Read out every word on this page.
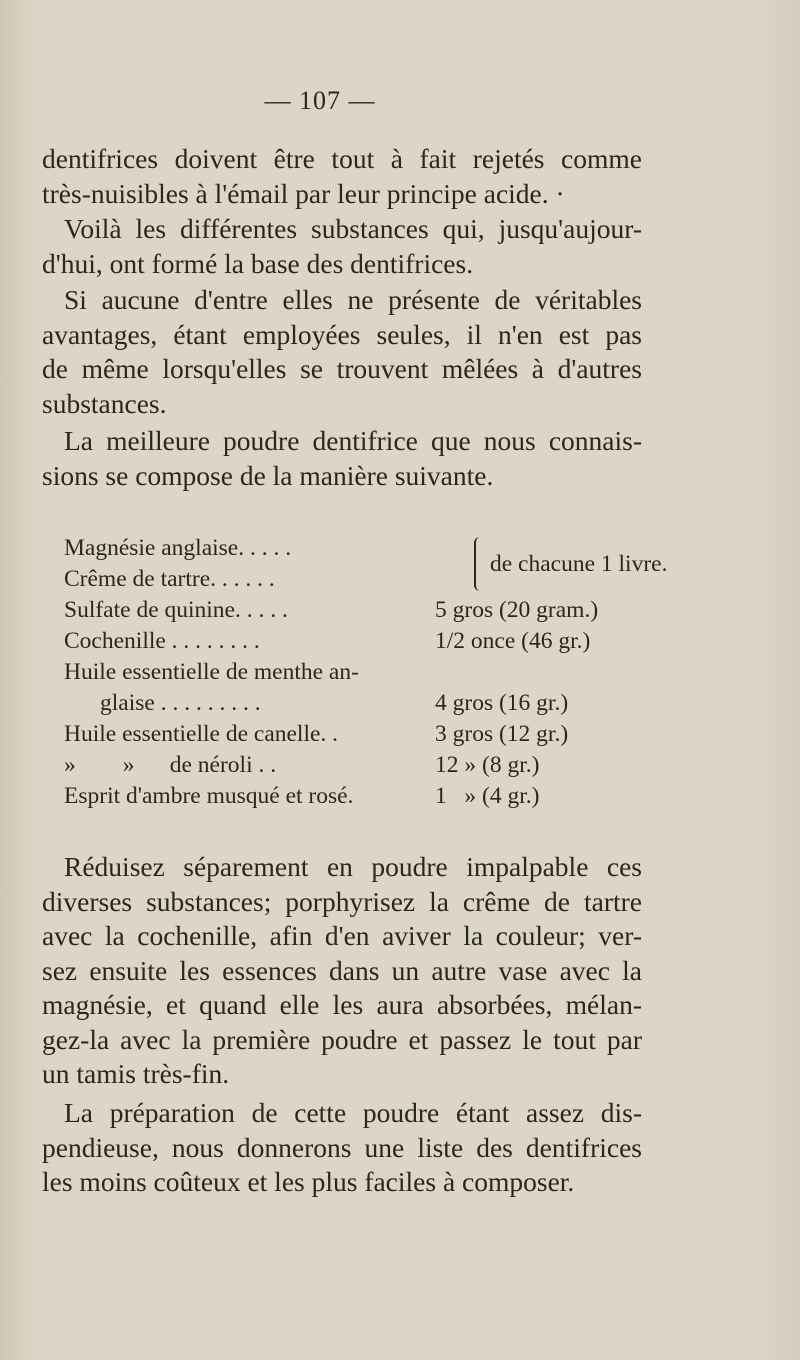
— 107 —
dentifrices doivent être tout à fait rejetés comme
très-nuisibles à l'émail par leur principe acide. ·
Voilà les différentes substances qui, jusqu'aujour-
d'hui, ont formé la base des dentifrices.
Si aucune d'entre elles ne présente de véritables
avantages, étant employées seules, il n'en est pas
de même lorsqu'elles se trouvent mêlées à d'autres
substances.
La meilleure poudre dentifrice que nous connais-
sions se compose de la manière suivante.
Magnésie anglaise. . . . .
Crême de tartre. . . . . .
de chacune 1 livre.
Sulfate de quinine. . . . .	5 gros (20 gram.)
Cochenille . . . . . . . .	1/2 once (46 gr.)
Huile essentielle de menthe an-
glaise . . . . . . . . .	4 gros (16 gr.)
Huile essentielle de canelle. .	3 gros (12 gr.)
»        »      de néroli . .	12 » (8 gr.)
Esprit d'ambre musqué et rosé.	1   » (4 gr.)
Réduisez séparement en poudre impalpable ces
diverses substances; porphyrisez la crême de tartre
avec la cochenille, afin d'en aviver la couleur; ver-
sez ensuite les essences dans un autre vase avec la
magnésie, et quand elle les aura absorbées, mélan-
gez-la avec la première poudre et passez le tout par
un tamis très-fin.
La préparation de cette poudre étant assez dis-
pendieuse, nous donnerons une liste des dentifrices
les moins coûteux et les plus faciles à composer.
